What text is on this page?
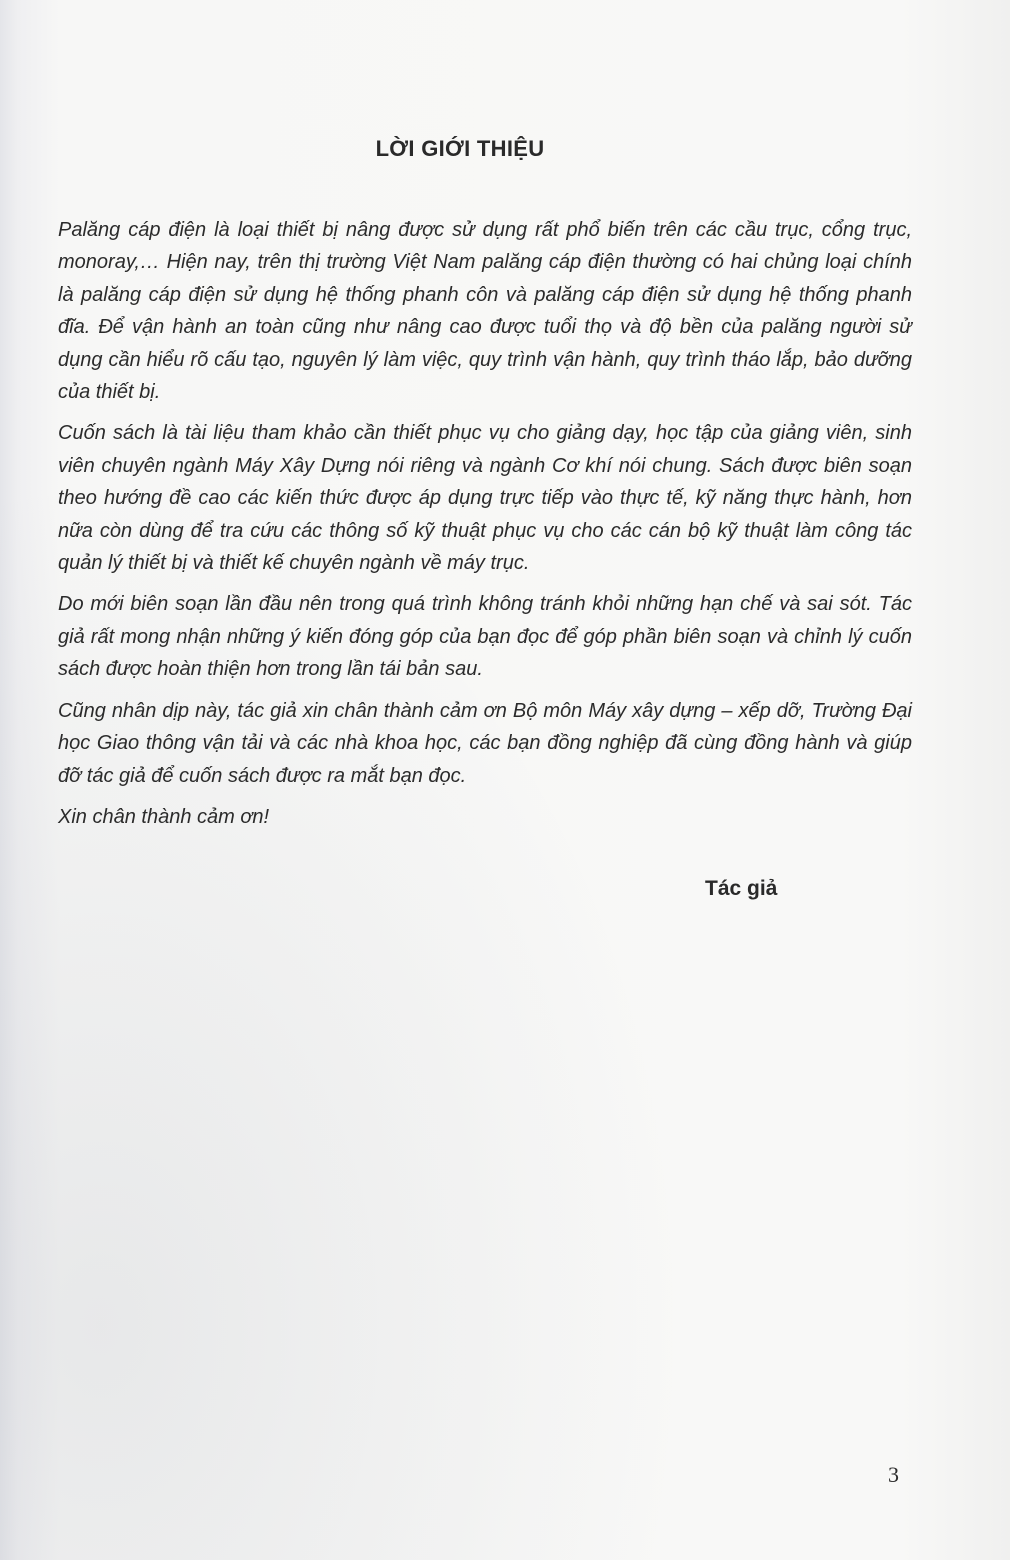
LỜI GIỚI THIỆU

Palăng cáp điện là loại thiết bị nâng được sử dụng rất phổ biến trên các cầu trục, cổng trục, monoray,… Hiện nay, trên thị trường Việt Nam palăng cáp điện thường có hai chủng loại chính là palăng cáp điện sử dụng hệ thống phanh côn và palăng cáp điện sử dụng hệ thống phanh đĩa. Để vận hành an toàn cũng như nâng cao được tuổi thọ và độ bền của palăng người sử dụng cần hiểu rõ cấu tạo, nguyên lý làm việc, quy trình vận hành, quy trình tháo lắp, bảo dưỡng của thiết bị.

Cuốn sách là tài liệu tham khảo cần thiết phục vụ cho giảng dạy, học tập của giảng viên, sinh viên chuyên ngành Máy Xây Dựng nói riêng và ngành Cơ khí nói chung. Sách được biên soạn theo hướng đề cao các kiến thức được áp dụng trực tiếp vào thực tế, kỹ năng thực hành, hơn nữa còn dùng để tra cứu các thông số kỹ thuật phục vụ cho các cán bộ kỹ thuật làm công tác quản lý thiết bị và thiết kế chuyên ngành về máy trục.

Do mới biên soạn lần đầu nên trong quá trình không tránh khỏi những hạn chế và sai sót. Tác giả rất mong nhận những ý kiến đóng góp của bạn đọc để góp phần biên soạn và chỉnh lý cuốn sách được hoàn thiện hơn trong lần tái bản sau.

Cũng nhân dịp này, tác giả xin chân thành cảm ơn Bộ môn Máy xây dựng – xếp dỡ, Trường Đại học Giao thông vận tải và các nhà khoa học, các bạn đồng nghiệp đã cùng đồng hành và giúp đỡ tác giả để cuốn sách được ra mắt bạn đọc.

Xin chân thành cảm ơn!

Tác giả
3
